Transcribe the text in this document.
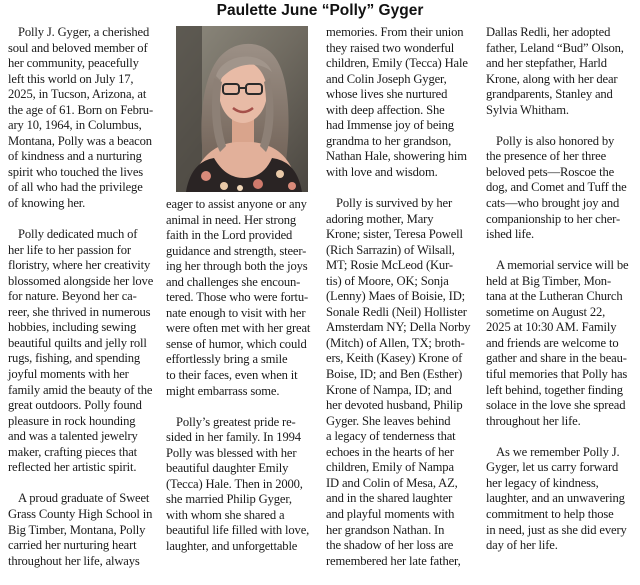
Paulette June “Polly” Gyger
Polly J. Gyger, a cherished
soul and beloved member of
her community, peacefully
left this world on July 17,
2025, in Tucson, Arizona, at
the age of 61. Born on Febru-
ary 10, 1964, in Columbus,
Montana, Polly was a beacon
of kindness and a nurturing
spirit who touched the lives
of all who had the privilege
of knowing her.
Polly dedicated much of
her life to her passion for
floristry, where her creativity
blossomed alongside her love
for nature. Beyond her ca-
reer, she thrived in numerous
hobbies, including sewing
beautiful quilts and jelly roll
rugs, fishing, and spending
joyful moments with her
family amid the beauty of the
great outdoors. Polly found
pleasure in rock hounding
and was a talented jewelry
maker, crafting pieces that
reflected her artistic spirit.
A proud graduate of Sweet
Grass County High School in
Big Timber, Montana, Polly
carried her nurturing heart
throughout her life, always
eager to assist anyone or any
animal in need. Her strong
faith in the Lord provided
guidance and strength, steer-
ing her through both the joys
and challenges she encoun-
tered. Those who were fortu-
nate enough to visit with her
were often met with her great
sense of humor, which could
effortlessly bring a smile
to their faces, even when it
might embarrass some.
Polly’s greatest pride re-
sided in her family. In 1994
Polly was blessed with her
beautiful daughter Emily
(Tecca) Hale. Then in 2000,
she married Philip Gyger,
with whom she shared a
beautiful life filled with love,
laughter, and unforgettable
memories. From their union
they raised two wonderful
children, Emily (Tecca) Hale
and Colin Joseph Gyger,
whose lives she nurtured
with deep affection. She
had Immense joy of being
grandma to her grandson,
Nathan Hale, showering him
with love and wisdom.
Polly is survived by her
adoring mother, Mary
Krone; sister, Teresa Powell
(Rich Sarrazin) of Wilsall,
MT; Rosie McLeod (Kur-
tis) of Moore, OK; Sonja
(Lenny) Maes of Boisie, ID;
Sonale Redli (Neil) Hollister
Amsterdam NY; Della Norby
(Mitch) of Allen, TX; broth-
ers, Keith (Kasey) Krone of
Boise, ID; and Ben (Esther)
Krone of Nampa, ID; and
her devoted husband, Philip
Gyger. She leaves behind
a legacy of tenderness that
echoes in the hearts of her
children, Emily of Nampa
ID and Colin of Mesa, AZ,
and in the shared laughter
and playful moments with
her grandson Nathan. In
the shadow of her loss are
remembered her late father,
Dallas Redli, her adopted
father, Leland “Bud” Olson,
and her stepfather, Harld
Krone, along with her dear
grandparents, Stanley and
Sylvia Whitham.
Polly is also honored by
the presence of her three
beloved pets—Roscoe the
dog, and Comet and Tuff the
cats—who brought joy and
companionship to her cher-
ished life.
A memorial service will be
held at Big Timber, Mon-
tana at the Lutheran Church
sometime on August 22,
2025 at 10:30 AM. Family
and friends are welcome to
gather and share in the beau-
tiful memories that Polly has
left behind, together finding
solace in the love she spread
throughout her life.
As we remember Polly J.
Gyger, let us carry forward
her legacy of kindness,
laughter, and an unwavering
commitment to help those
in need, just as she did every
day of her life.
